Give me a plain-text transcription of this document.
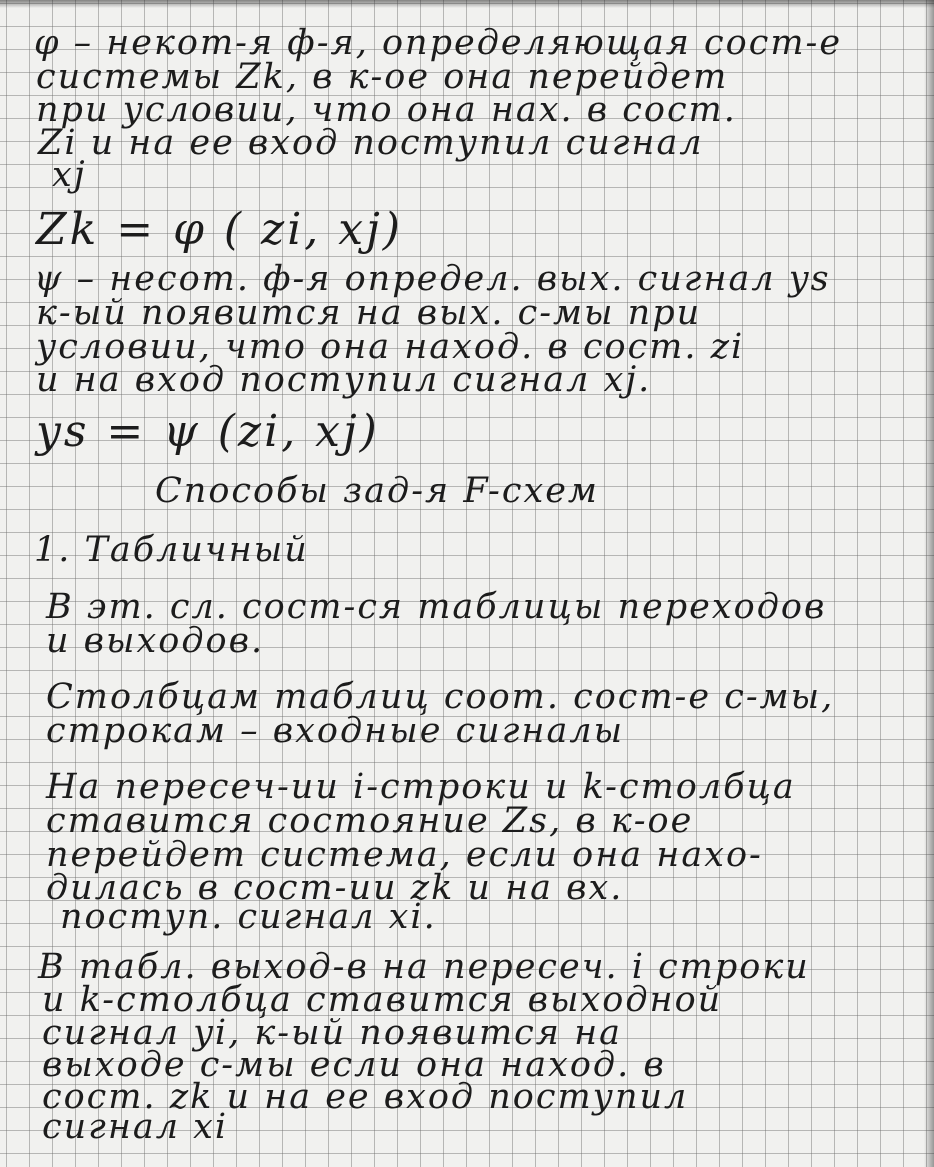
φ – некот-я ф-я, определяющая сост-е
системы Zk, в к-ое она перейдет
при условии, что она нах. в сост.
Zi и на ее вход поступил сигнал
xj
Zk = φ ( zi, xj)
ψ – несот. ф-я определ. вых. сигнал ys
к-ый появится на вых. с-мы при
условии, что она наход. в сост. zi
и на вход поступил сигнал xj.
ys = ψ (zi, xj)
Способы зад-я F-схем
1. Табличный
В эт. сл. сост-ся таблицы переходов
и выходов.
Столбцам таблиц соот. сост-е с-мы,
строкам – входные сигналы
На пересеч-ии i-строки и k-столбца
ставится состояние Zs, в к-ое
перейдет система, если она нахо-
дилась в сост-ии zk и на вх.
поступ. сигнал xi.
В табл. выход-в на пересеч. i строки
и k-столбца ставится выходной
сигнал yi, к-ый появится на
выходе с-мы если она наход. в
сост. zk и на ее вход поступил
сигнал xi
